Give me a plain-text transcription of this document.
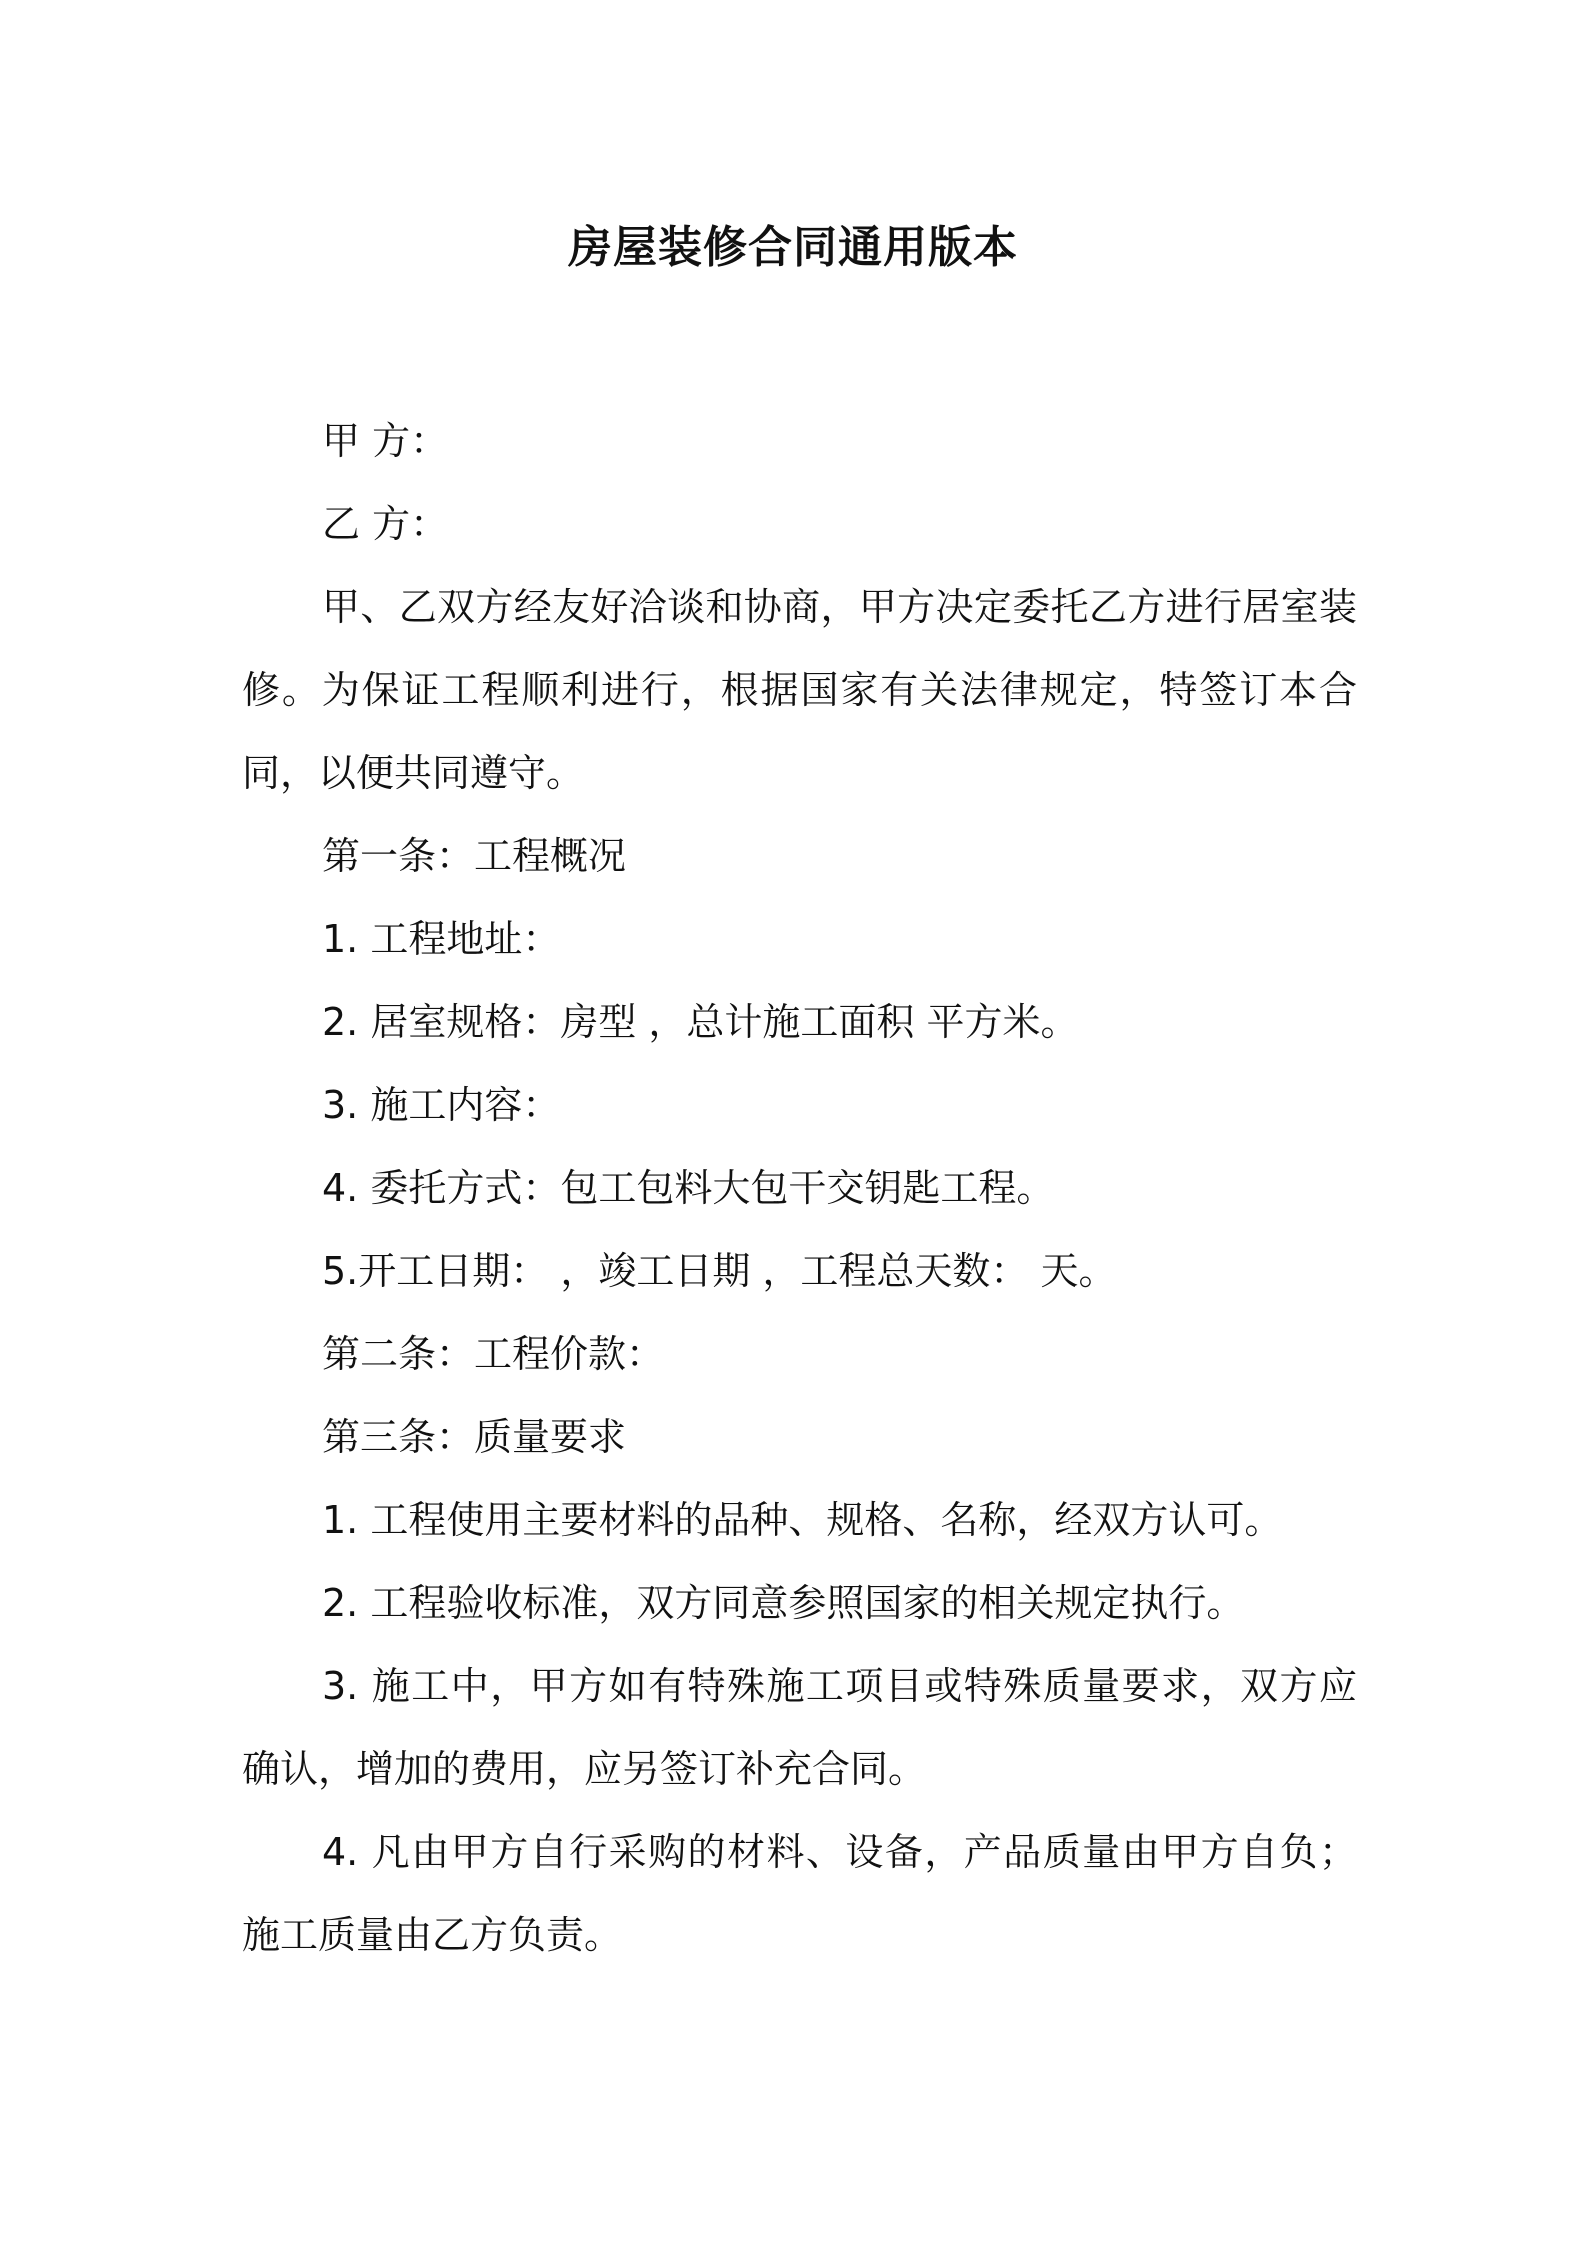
房屋装修合同通用版本

甲 方：

乙 方：

甲、乙双方经友好洽谈和协商，甲方决定委托乙方进行居室装修。为保证工程顺利进行，根据国家有关法律规定，特签订本合同，以便共同遵守。

第一条：工程概况

1. 工程地址：

2. 居室规格：房型 ，总计施工面积 平方米。

3. 施工内容：

4. 委托方式：包工包料大包干交钥匙工程。

5.开工日期： ，竣工日期 ，工程总天数： 天。

第二条：工程价款：

第三条：质量要求

1. 工程使用主要材料的品种、规格、名称，经双方认可。

2. 工程验收标准，双方同意参照国家的相关规定执行。

3. 施工中，甲方如有特殊施工项目或特殊质量要求，双方应确认，增加的费用，应另签订补充合同。

4. 凡由甲方自行采购的材料、设备，产品质量由甲方自负；施工质量由乙方负责。
